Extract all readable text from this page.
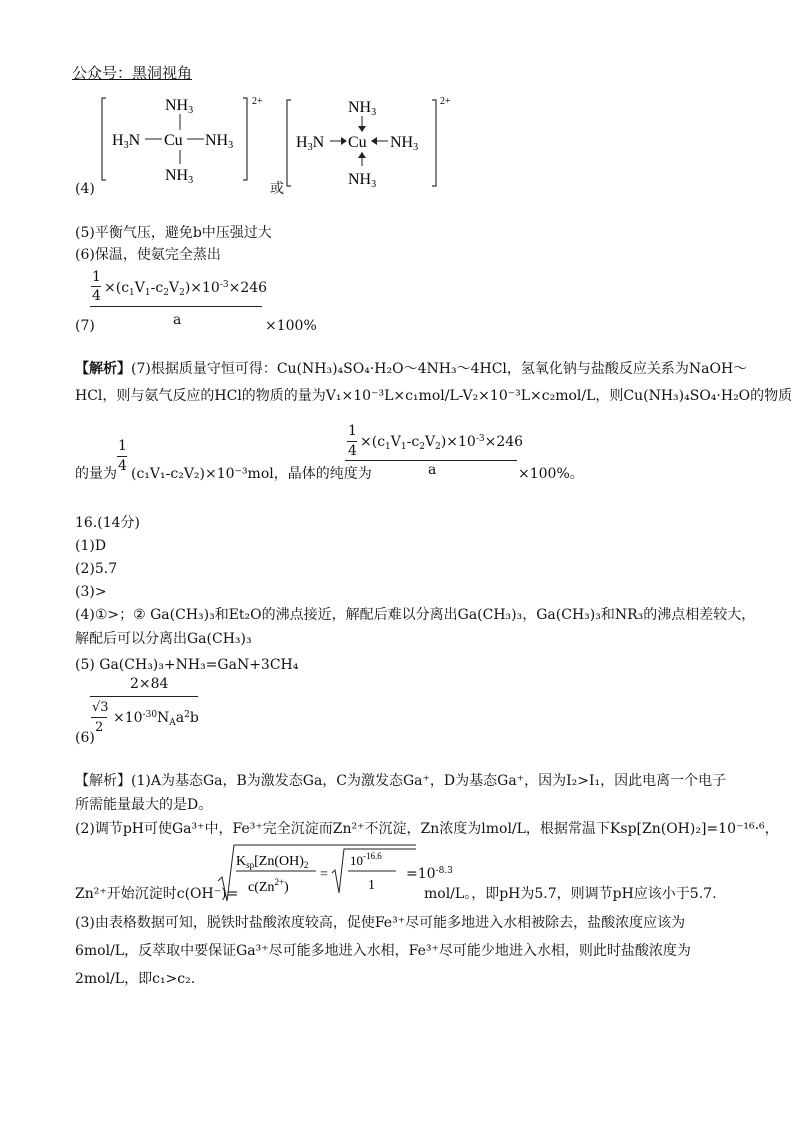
公众号：黑洞视角
2+
NH3
H3N Cu NH3
NH3
2+
NH3
H3N Cu NH3
NH3
(4)	或
(5)平衡气压，避免b中压强过大
(6)保温，使氨完全蒸出
1
$4 \times(c_1V_1-c_2V_2)\times 10^{-3}\times 246$
a
(7)	×100%
【解析】(7)根据质量守恒可得：Cu(NH₃)₄SO₄·H₂O～4NH₃～4HCl，氢氧化钠与盐酸反应关系为NaOH～
HCl，则与氨气反应的HCl的物质的量为V₁×10⁻³L×c₁mol/L-V₂×10⁻³L×c₂mol/L，则Cu(NH₃)₄SO₄·H₂O的物质
1
4
的量为 (c₁V₁-c₂V₂)×10⁻³mol，晶体的纯度为
1
4
$\times(c_1V_1-c_2V_2)\times 10^{-3}\times 246$
a	×100%。
16.(14分)
(1)D
(2)5.7
(3)>
(4)①>；② Ga(CH₃)₃和Et₂O的沸点接近，解配后难以分离出Ga(CH₃)₃，Ga(CH₃)₃和NR₃的沸点相差较大，
解配后可以分离出Ga(CH₃)₃
(5) Ga(CH₃)₃+NH₃=GaN+3CH₄
2×84
√3
2
$\times 10^{-30}N_Aa^2b$
(6)
【解析】(1)A为基态Ga，B为激发态Ga，C为激发态Ga⁺，D为基态Ga⁺，因为I₂>I₁，因此电离一个电子
所需能量最大的是D。
(2)调节pH可使Ga³⁺中，Fe³⁺完全沉淀而Zn²⁺不沉淀，Zn浓度为lmol/L，根据常温下Ksp[Zn(OH)₂]=10⁻¹⁶·⁶，
Zn²⁺开始沉淀时c(OH⁻)=
$K_{sp}[Zn(OH)_2$
$c(Zn^{2+})$
=
$10^{-16.6}$
1
$=10^{-8.3}$
mol/L。，即pH为5.7，则调节pH应该小于5.7.
(3)由表格数据可知，脱铁时盐酸浓度较高，促使Fe³⁺尽可能多地进入水相被除去，盐酸浓度应该为
6mol/L，反萃取中要保证Ga³⁺尽可能多地进入水相，Fe³⁺尽可能少地进入水相，则此时盐酸浓度为
2mol/L，即c₁>c₂.
